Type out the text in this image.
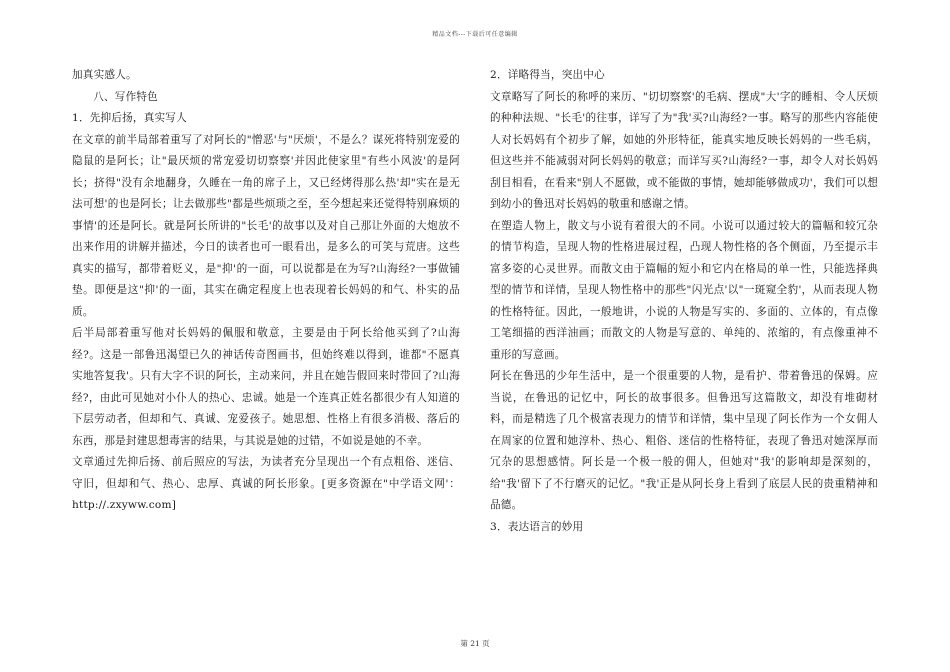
精品文档---下载后可任意编辑

加真实感人。

八、写作特色

1．先抑后扬，真实写人

在文章的前半局部着重写了对阿长的"憎恶'与"厌烦'，不是么？谋死将特别宠爱的隐鼠的是阿长；让"最厌烦的常宠爱切切察察'并因此使家里"有些小风波'的是阿长；挤得"没有余地翻身，久睡在一角的席子上，又已经烤得那么热'却"实在是无法可想'的也是阿长；让去做那些"都是些烦琐之至，至今想起来还觉得特别麻烦的事情'的还是阿长。就是阿长所讲的"长毛'的故事以及对自己那让外面的大炮放不出来作用的讲解并描述，今日的读者也可一眼看出，是多么的可笑与荒唐。这些真实的描写，都带着贬义，是"抑'的一面，可以说都是在为写?山海经?一事做铺垫。即便是这"抑'的一面，其实在确定程度上也表现着长妈妈的和气、朴实的品质。

后半局部着重写他对长妈妈的佩服和敬意，主要是由于阿长给他买到了?山海经?。这是一部鲁迅渴望已久的神话传奇图画书，但始终难以得到，谁都"不愿真实地答复我'。只有大字不识的阿长，主动来问，并且在她告假回来时带回了?山海经?，由此可见她对小仆人的热心、忠诚。她是一个连真正姓名都很少有人知道的下层劳动者，但却和气、真诚、宠爱孩子。她思想、性格上有很多消极、落后的东西，那是封建思想毒害的结果，与其说是她的过错，不如说是她的不幸。

文章通过先抑后扬、前后照应的写法，为读者充分呈现出一个有点粗俗、迷信、守旧，但却和气、热心、忠厚、真诚的阿长形象。[更多资源在"中学语文网'：http://.zxyww.com]

2．详略得当，突出中心

文章略写了阿长的称呼的来历、"切切察察'的毛病、摆成"大'字的睡相、令人厌烦的种种法规、"长毛'的往事，详写了为"我'买?山海经?一事。略写的那些内容能使人对长妈妈有个初步了解，如她的外形特征，能真实地反映长妈妈的一些毛病，但这些并不能减弱对阿长妈妈的敬意；而详写买?山海经?一事，却令人对长妈妈刮目相看，在看来"别人不愿做，或不能做的事情，她却能够做成功'，我们可以想到幼小的鲁迅对长妈妈的敬重和感谢之情。

在塑造人物上，散文与小说有着很大的不同。小说可以通过较大的篇幅和较冗杂的情节构造，呈现人物的性格进展过程，凸现人物性格的各个侧面，乃至提示丰富多姿的心灵世界。而散文由于篇幅的短小和它内在格局的单一性，只能选择典型的情节和详情，呈现人物性格中的那些"闪光点'以"一斑窥全豹'，从而表现人物的性格特征。因此，一般地讲，小说的人物是写实的、多面的、立体的，有点像工笔细描的西洋油画；而散文的人物是写意的、单纯的、浓缩的，有点像重神不重形的写意画。

阿长在鲁迅的少年生活中，是一个很重要的人物，是看护、带着鲁迅的保姆。应当说，在鲁迅的记忆中，阿长的故事很多。但鲁迅写这篇散文，却没有堆砌材料，而是精选了几个极富表现力的情节和详情，集中呈现了阿长作为一个女佣人在周家的位置和她淳朴、热心、粗俗、迷信的性格特征，表现了鲁迅对她深厚而冗杂的思想感情。阿长是一个极一般的佣人，但她对"我'的影响却是深刻的，给"我'留下了不行磨灭的记忆。"我'正是从阿长身上看到了底层人民的贵重精神和品德。

3．表达语言的妙用

第 21 页
